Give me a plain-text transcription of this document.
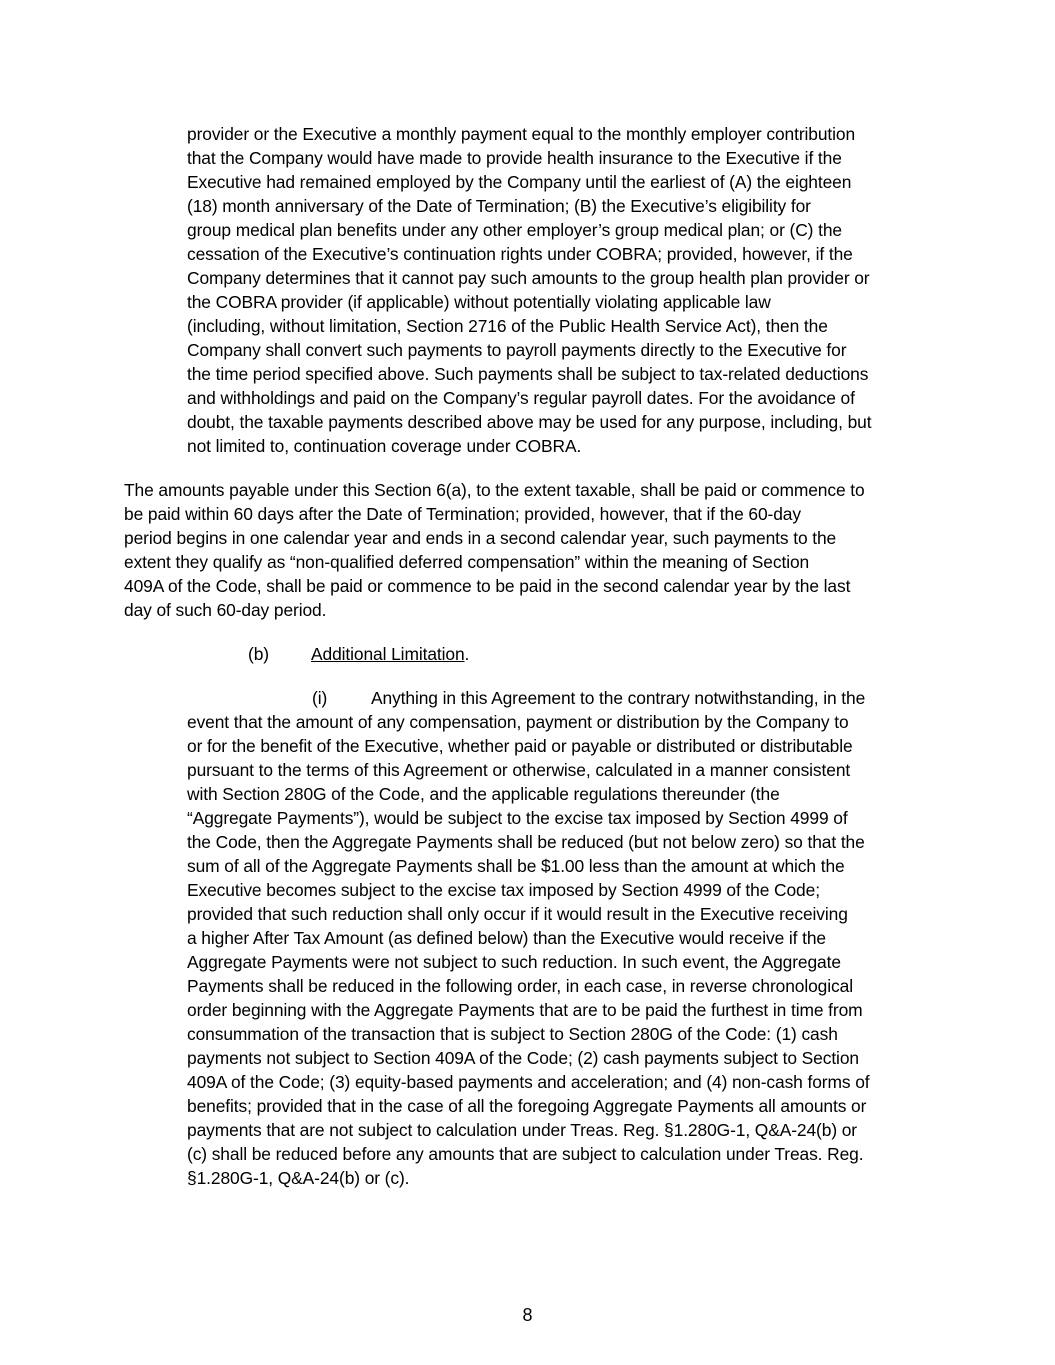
provider or the Executive a monthly payment equal to the monthly employer contribution
that the Company would have made to provide health insurance to the Executive if the
Executive had remained employed by the Company until the earliest of (A) the eighteen
(18) month anniversary of the Date of Termination; (B) the Executive’s eligibility for
group medical plan benefits under any other employer’s group medical plan; or (C) the
cessation of the Executive’s continuation rights under COBRA; provided, however, if the
Company determines that it cannot pay such amounts to the group health plan provider or
the COBRA provider (if applicable) without potentially violating applicable law
(including, without limitation, Section 2716 of the Public Health Service Act), then the
Company shall convert such payments to payroll payments directly to the Executive for
the time period specified above. Such payments shall be subject to tax-related deductions
and withholdings and paid on the Company’s regular payroll dates. For the avoidance of
doubt, the taxable payments described above may be used for any purpose, including, but
not limited to, continuation coverage under COBRA.
The amounts payable under this Section 6(a), to the extent taxable, shall be paid or commence to
be paid within 60 days after the Date of Termination; provided, however, that if the 60-day
period begins in one calendar year and ends in a second calendar year, such payments to the
extent they qualify as “non-qualified deferred compensation” within the meaning of Section
409A of the Code, shall be paid or commence to be paid in the second calendar year by the last
day of such 60-day period.
(b) Additional Limitation.
(i)	Anything in this Agreement to the contrary notwithstanding, in the
event that the amount of any compensation, payment or distribution by the Company to
or for the benefit of the Executive, whether paid or payable or distributed or distributable
pursuant to the terms of this Agreement or otherwise, calculated in a manner consistent
with Section 280G of the Code, and the applicable regulations thereunder (the
“Aggregate Payments”), would be subject to the excise tax imposed by Section 4999 of
the Code, then the Aggregate Payments shall be reduced (but not below zero) so that the
sum of all of the Aggregate Payments shall be $1.00 less than the amount at which the
Executive becomes subject to the excise tax imposed by Section 4999 of the Code;
provided that such reduction shall only occur if it would result in the Executive receiving
a higher After Tax Amount (as defined below) than the Executive would receive if the
Aggregate Payments were not subject to such reduction. In such event, the Aggregate
Payments shall be reduced in the following order, in each case, in reverse chronological
order beginning with the Aggregate Payments that are to be paid the furthest in time from
consummation of the transaction that is subject to Section 280G of the Code: (1) cash
payments not subject to Section 409A of the Code; (2) cash payments subject to Section
409A of the Code; (3) equity-based payments and acceleration; and (4) non-cash forms of
benefits; provided that in the case of all the foregoing Aggregate Payments all amounts or
payments that are not subject to calculation under Treas. Reg. §1.280G-1, Q&A-24(b) or
(c) shall be reduced before any amounts that are subject to calculation under Treas. Reg.
§1.280G-1, Q&A-24(b) or (c).
8
